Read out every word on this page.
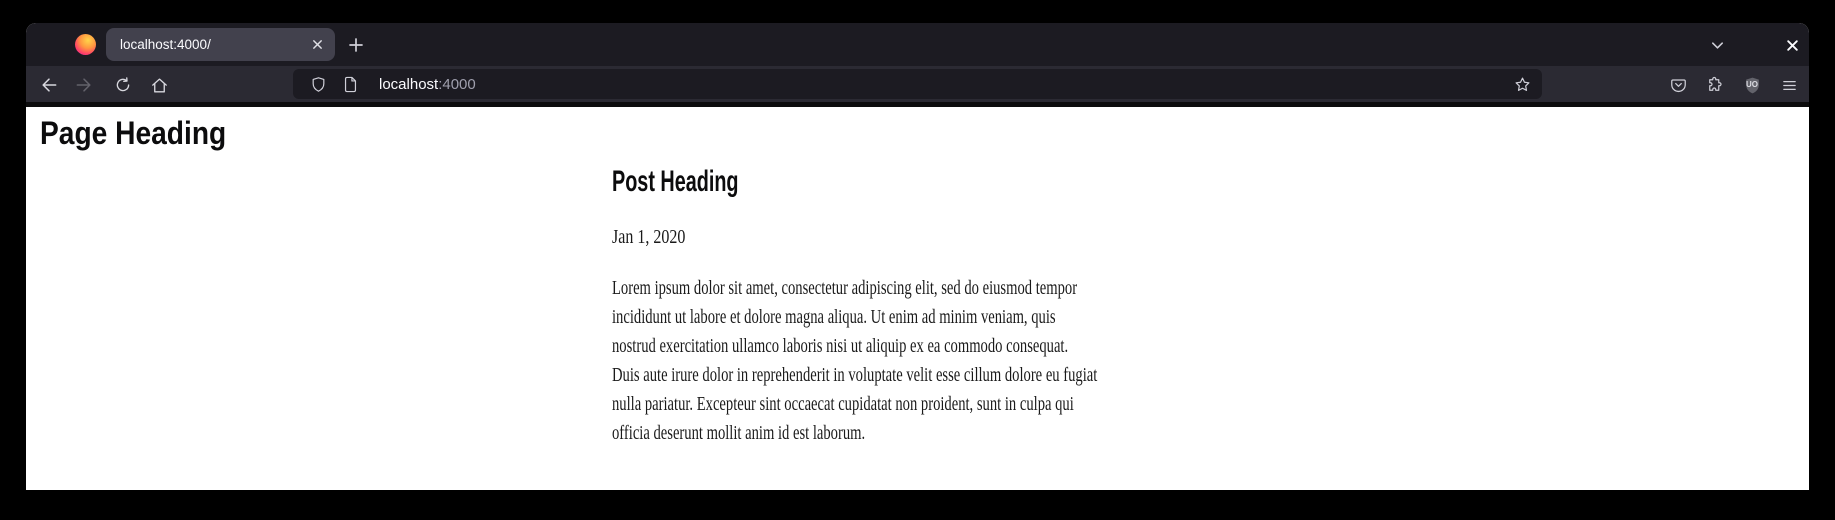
localhost:4000/
localhost:4000	UO
Page Heading
Post Heading
Jan 1, 2020
Lorem ipsum dolor sit amet, consectetur adipiscing elit, sed do eiusmod tempor
incididunt ut labore et dolore magna aliqua. Ut enim ad minim veniam, quis
nostrud exercitation ullamco laboris nisi ut aliquip ex ea commodo consequat.
Duis aute irure dolor in reprehenderit in voluptate velit esse cillum dolore eu fugiat
nulla pariatur. Excepteur sint occaecat cupidatat non proident, sunt in culpa qui
officia deserunt mollit anim id est laborum.
